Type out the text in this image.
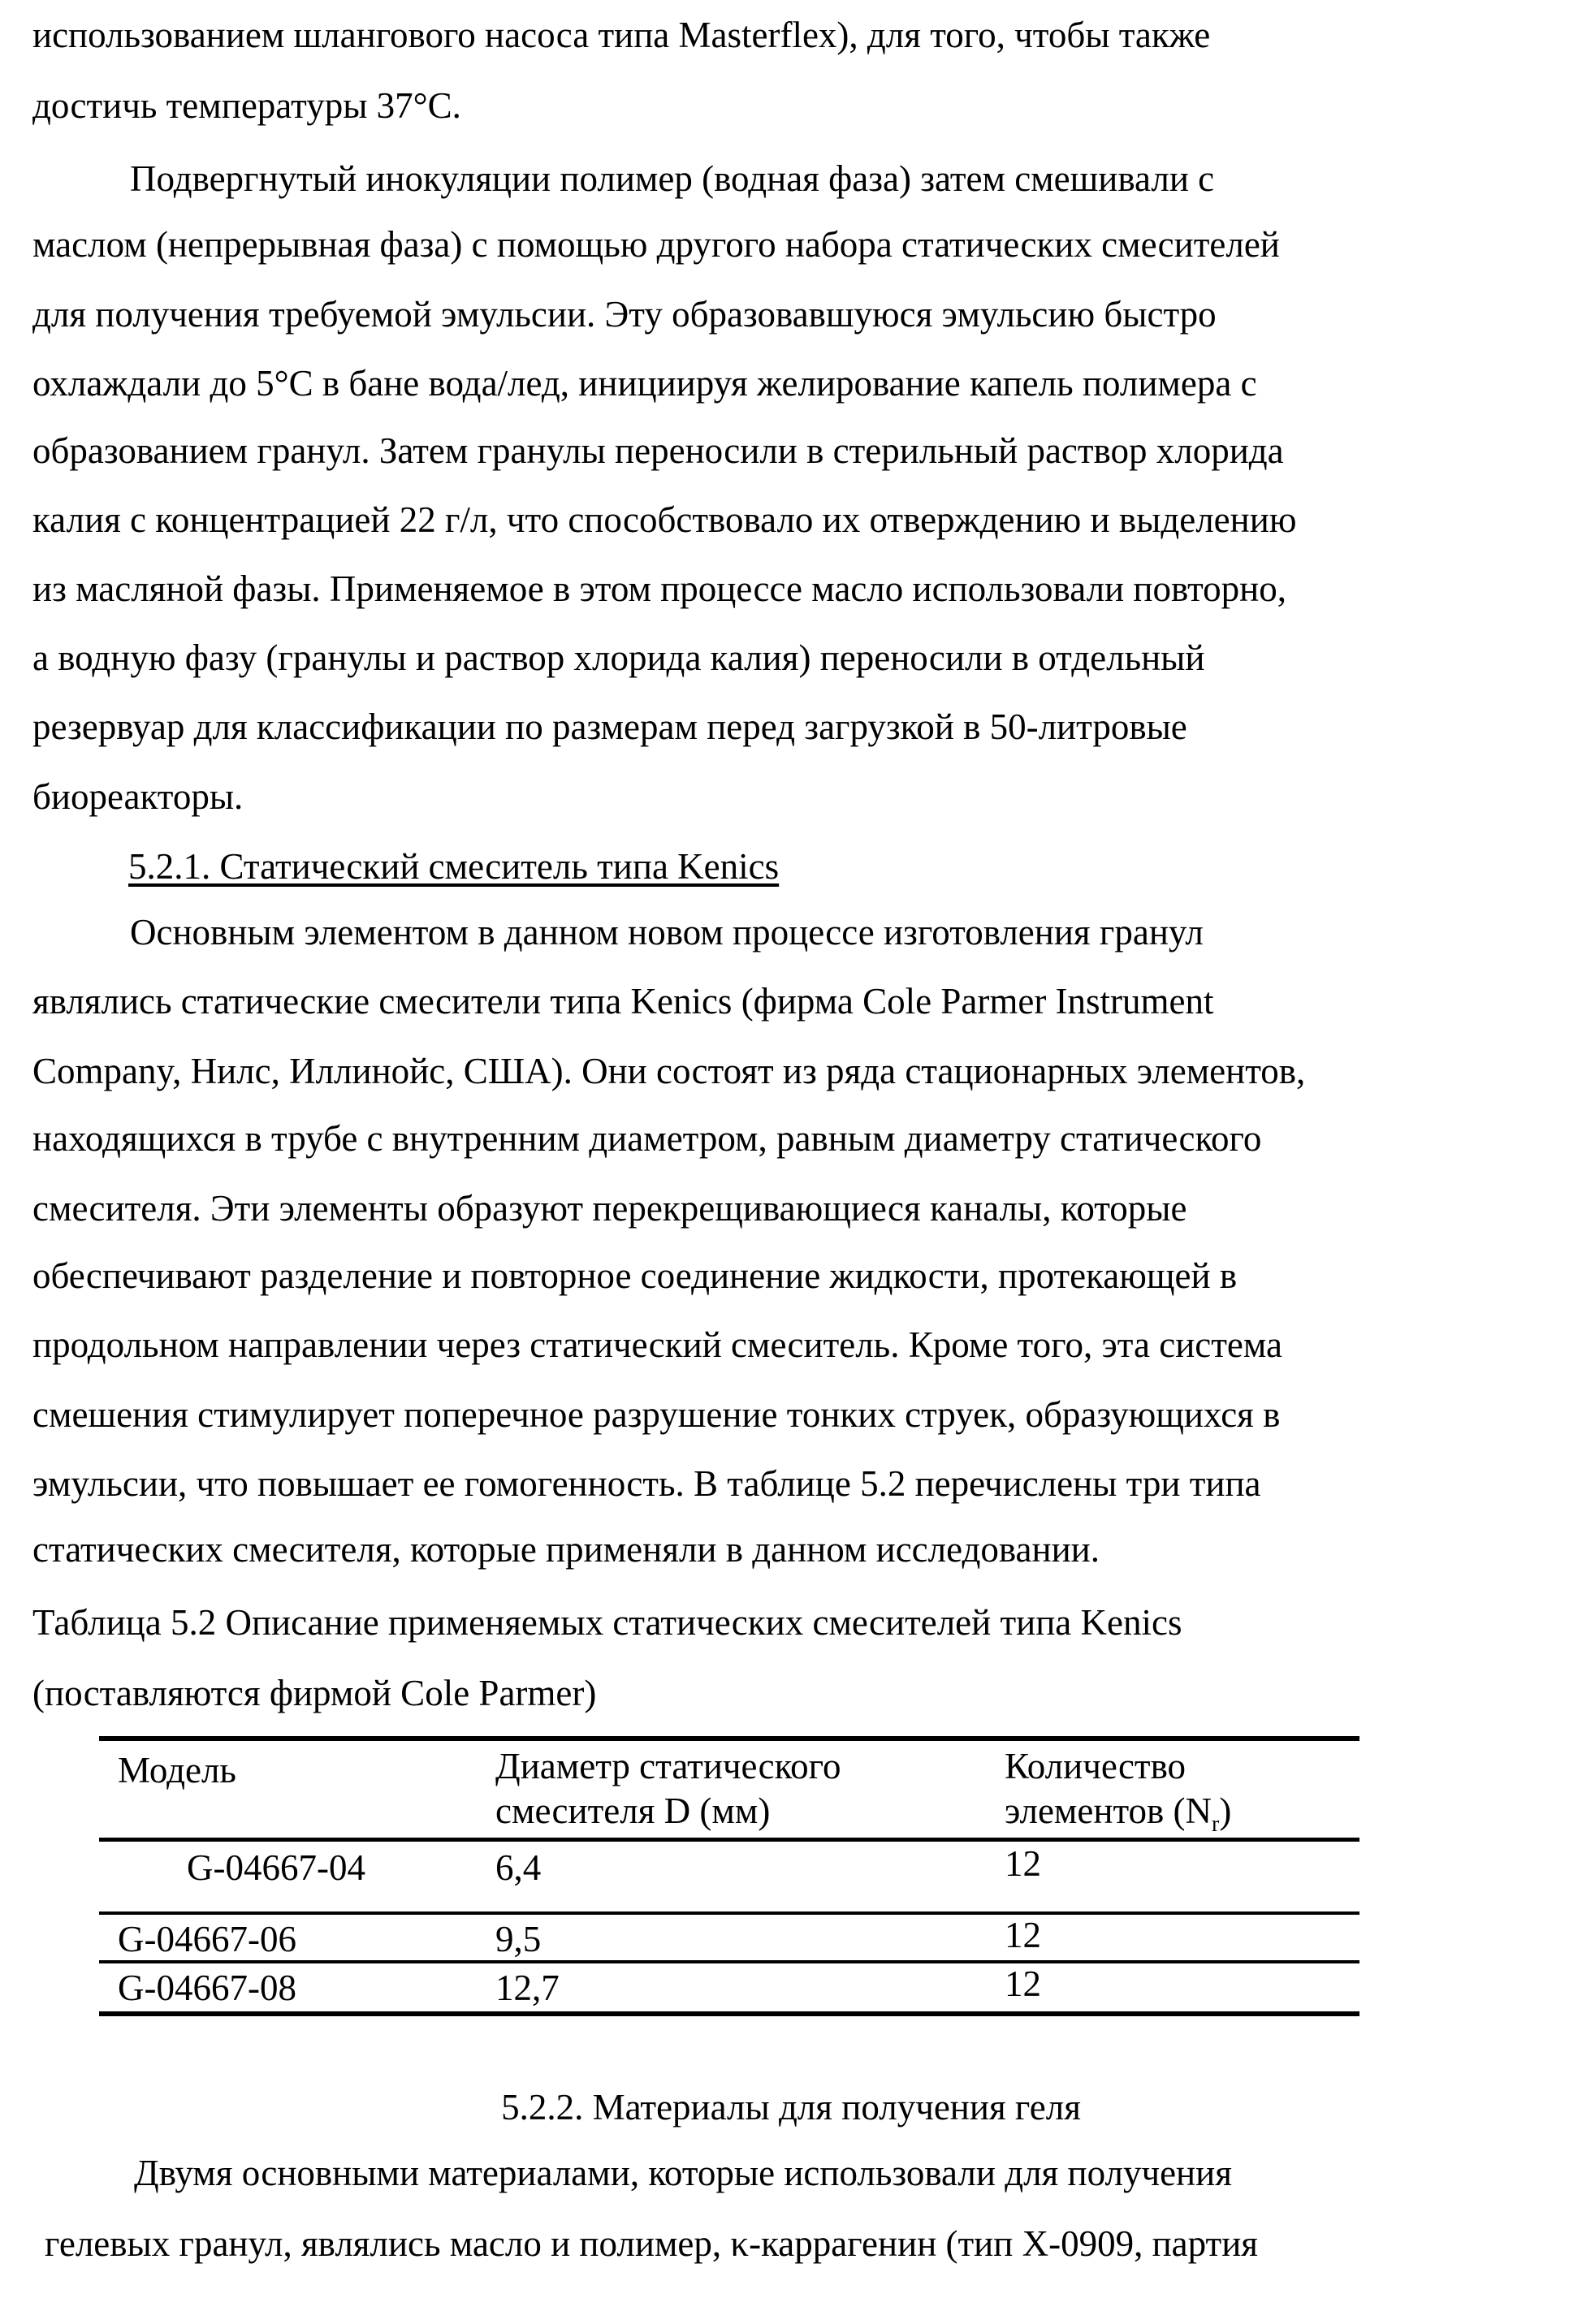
использованием шлангового насоса типа Masterflex), для того, чтобы также
достичь температуры 37°C.
Подвергнутый инокуляции полимер (водная фаза) затем смешивали с
маслом (непрерывная фаза) с помощью другого набора статических смесителей
для получения требуемой эмульсии. Эту образовавшуюся эмульсию быстро
охлаждали до 5°C в бане вода/лед, инициируя желирование капель полимера с
образованием гранул. Затем гранулы переносили в стерильный раствор хлорида
калия с концентрацией 22 г/л, что способствовало их отверждению и выделению
из масляной фазы. Применяемое в этом процессе масло использовали повторно,
а водную фазу (гранулы и раствор хлорида калия) переносили в отдельный
резервуар для классификации по размерам перед загрузкой в 50-литровые
биореакторы.
5.2.1. Статический смеситель типа Kenics
Основным элементом в данном новом процессе изготовления гранул
являлись статические смесители типа Kenics (фирма Cole Parmer Instrument
Company, Нилс, Иллинойс, США). Они состоят из ряда стационарных элементов,
находящихся в трубе с внутренним диаметром, равным диаметру статического
смесителя. Эти элементы образуют перекрещивающиеся каналы, которые
обеспечивают разделение и повторное соединение жидкости, протекающей в
продольном направлении через статический смеситель. Кроме того, эта система
смешения стимулирует поперечное разрушение тонких струек, образующихся в
эмульсии, что повышает ее гомогенность. В таблице 5.2 перечислены три типа
статических смесителя, которые применяли в данном исследовании.
Таблица 5.2 Описание применяемых статических смесителей типа Kenics
(поставляются фирмой Cole Parmer)
Модель	Диаметр статического
смесителя D (мм)
Количество
элементов (Nr)
G-04667-04	6,4	12
G-04667-06	9,5	12
G-04667-08	12,7	12
5.2.2. Материалы для получения геля
Двумя основными материалами, которые использовали для получения
гелевых гранул, являлись масло и полимер, κ-каррагенин (тип X-0909, партия
